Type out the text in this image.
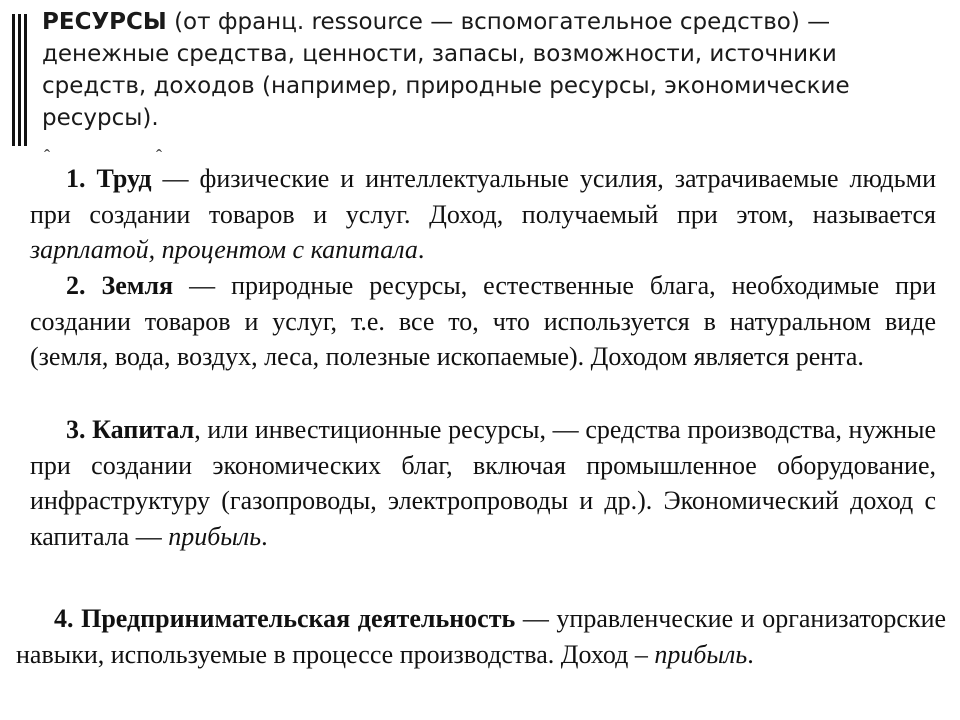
РЕСУРСЫ (от франц. ressource — вспомогательное средство) — денежные средства, ценности, запасы, возможности, источники средств, доходов (например, природные ресурсы, экономические ресурсы).
ˆ	ˆ
1. Труд — физические и интеллектуальные усилия, затрачиваемые людьми при создании товаров и услуг. Доход, получаемый при этом, называется зарплатой, процентом с капитала.
2. Земля — природные ресурсы, естественные блага, необходимые при создании товаров и услуг, т.е. все то, что используется в натуральном виде (земля, вода, воздух, леса, полезные ископаемые). Доходом является рента.
3. Капитал, или инвестиционные ресурсы, — средства производства, нужные при создании экономических благ, включая промышленное оборудование, инфраструктуру (газопроводы, электропроводы и др.). Экономический доход с капитала — прибыль.
4. Предпринимательская деятельность — управленческие и организаторские навыки, используемые в процессе производства. Доход – прибыль.
